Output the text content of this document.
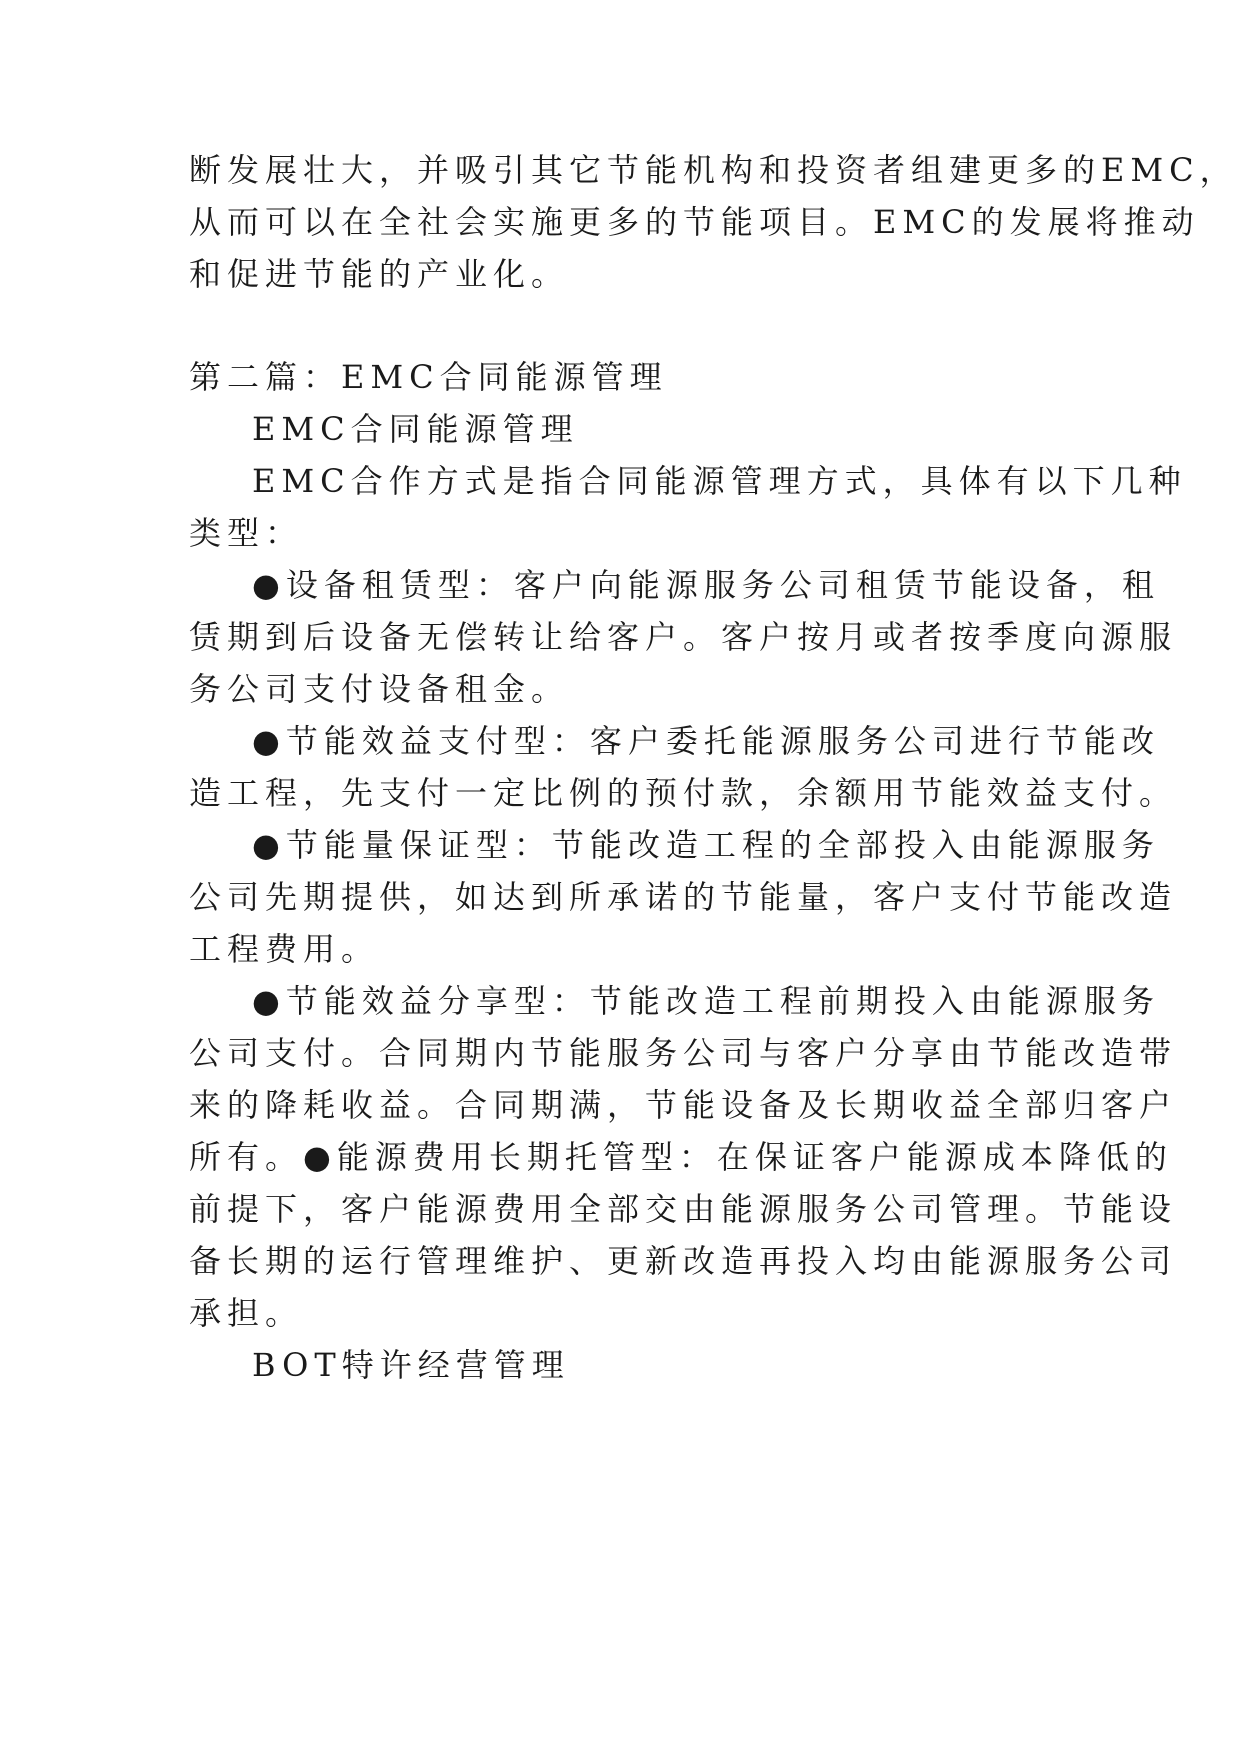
断发展壮大，并吸引其它节能机构和投资者组建更多的EMC，
从而可以在全社会实施更多的节能项目。EMC的发展将推动
和促进节能的产业化。
第二篇：EMC合同能源管理
EMC合同能源管理
EMC合作方式是指合同能源管理方式，具体有以下几种
类型：
●设备租赁型：客户向能源服务公司租赁节能设备，租
赁期到后设备无偿转让给客户。客户按月或者按季度向源服
务公司支付设备租金。
●节能效益支付型：客户委托能源服务公司进行节能改
造工程，先支付一定比例的预付款，余额用节能效益支付。
●节能量保证型：节能改造工程的全部投入由能源服务
公司先期提供，如达到所承诺的节能量，客户支付节能改造
工程费用。
●节能效益分享型：节能改造工程前期投入由能源服务
公司支付。合同期内节能服务公司与客户分享由节能改造带
来的降耗收益。合同期满，节能设备及长期收益全部归客户
所有。●能源费用长期托管型：在保证客户能源成本降低的
前提下，客户能源费用全部交由能源服务公司管理。节能设
备长期的运行管理维护、更新改造再投入均由能源服务公司
承担。
BOT特许经营管理
